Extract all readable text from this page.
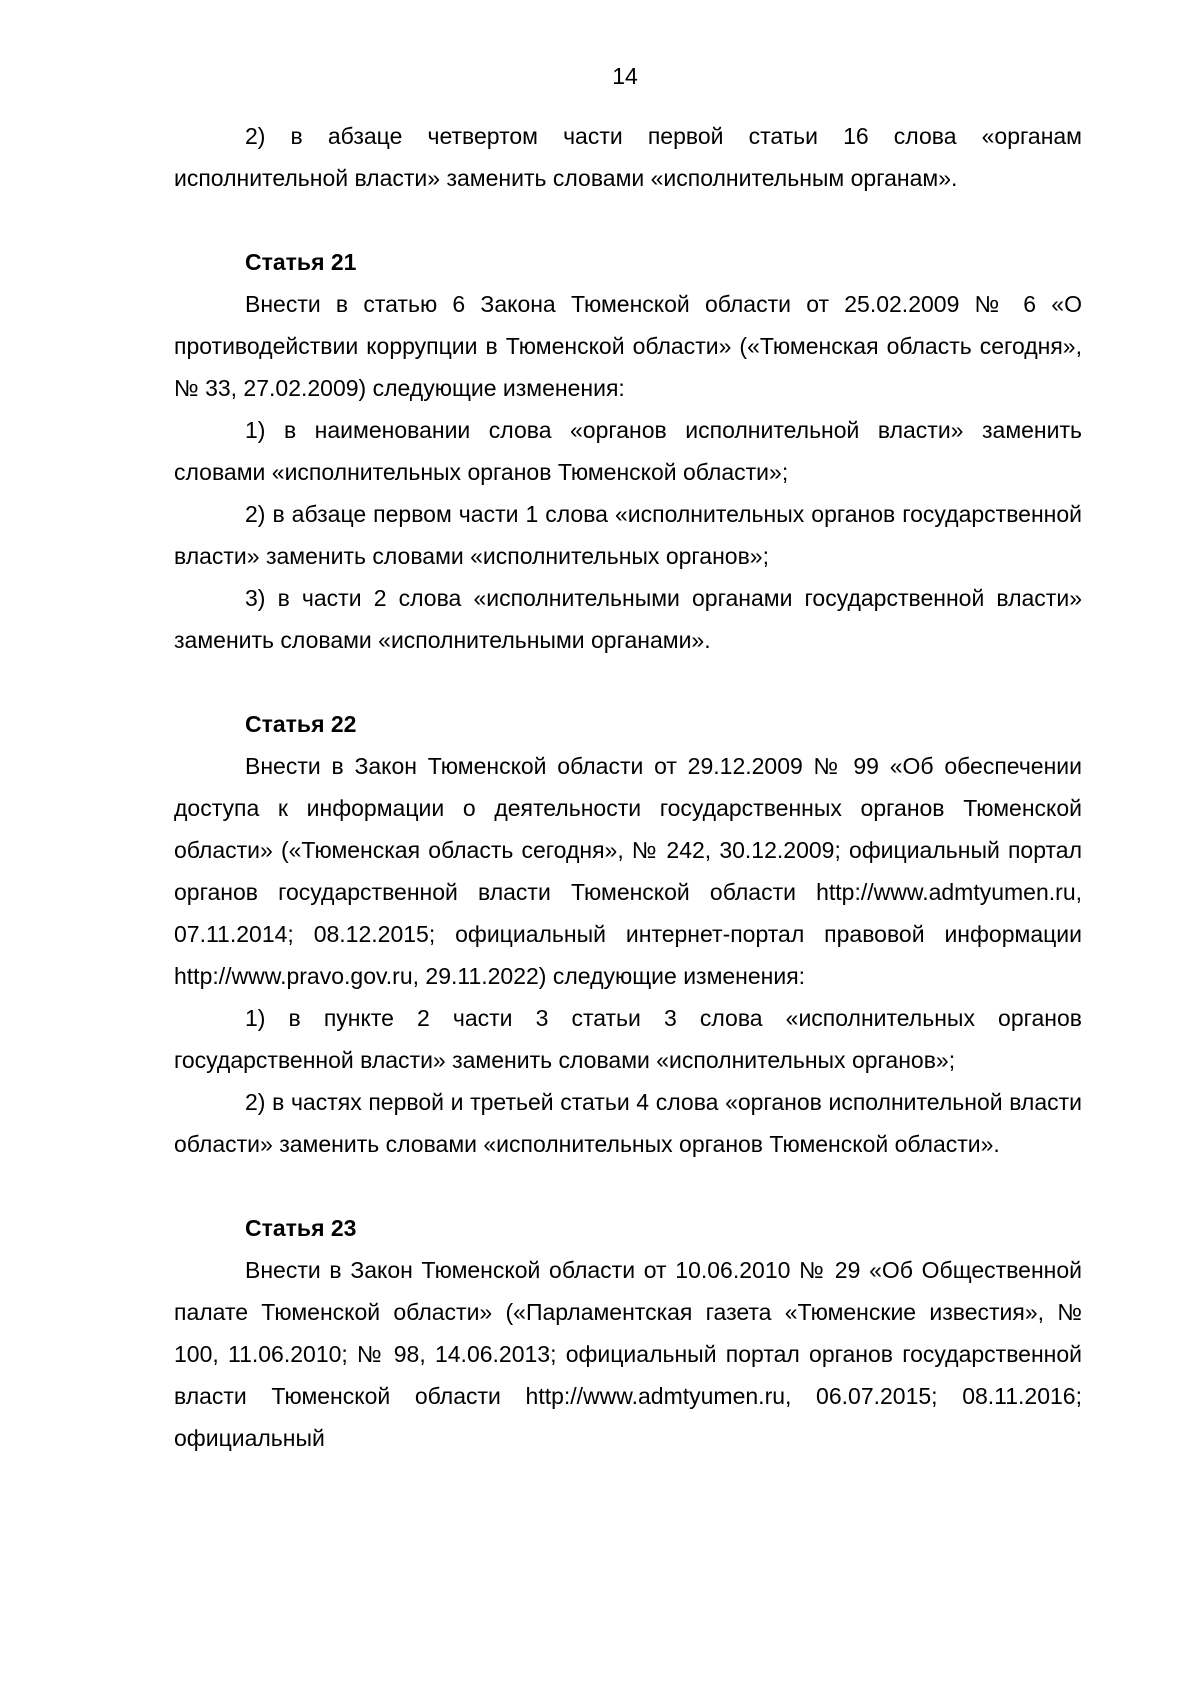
14

2) в абзаце четвертом части первой статьи 16 слова «органам исполнительной власти» заменить словами «исполнительным органам».

Статья 21

Внести в статью 6 Закона Тюменской области от 25.02.2009 № 6 «О противодействии коррупции в Тюменской области» («Тюменская область сегодня», № 33, 27.02.2009) следующие изменения:

1) в наименовании слова «органов исполнительной власти» заменить словами «исполнительных органов Тюменской области»;

2) в абзаце первом части 1 слова «исполнительных органов государственной власти» заменить словами «исполнительных органов»;

3) в части 2 слова «исполнительными органами государственной власти» заменить словами «исполнительными органами».

Статья 22

Внести в Закон Тюменской области от 29.12.2009 № 99 «Об обеспечении доступа к информации о деятельности государственных органов Тюменской области» («Тюменская область сегодня», № 242, 30.12.2009; официальный портал органов государственной власти Тюменской области http://www.admtyumen.ru, 07.11.2014; 08.12.2015; официальный интернет-портал правовой информации http://www.pravo.gov.ru, 29.11.2022) следующие изменения:

1) в пункте 2 части 3 статьи 3 слова «исполнительных органов государственной власти» заменить словами «исполнительных органов»;

2) в частях первой и третьей статьи 4 слова «органов исполнительной власти области» заменить словами «исполнительных органов Тюменской области».

Статья 23

Внести в Закон Тюменской области от 10.06.2010 № 29 «Об Общественной палате Тюменской области» («Парламентская газета «Тюменские известия», № 100, 11.06.2010; № 98, 14.06.2013; официальный портал органов государственной власти Тюменской области http://www.admtyumen.ru, 06.07.2015; 08.11.2016; официальный
